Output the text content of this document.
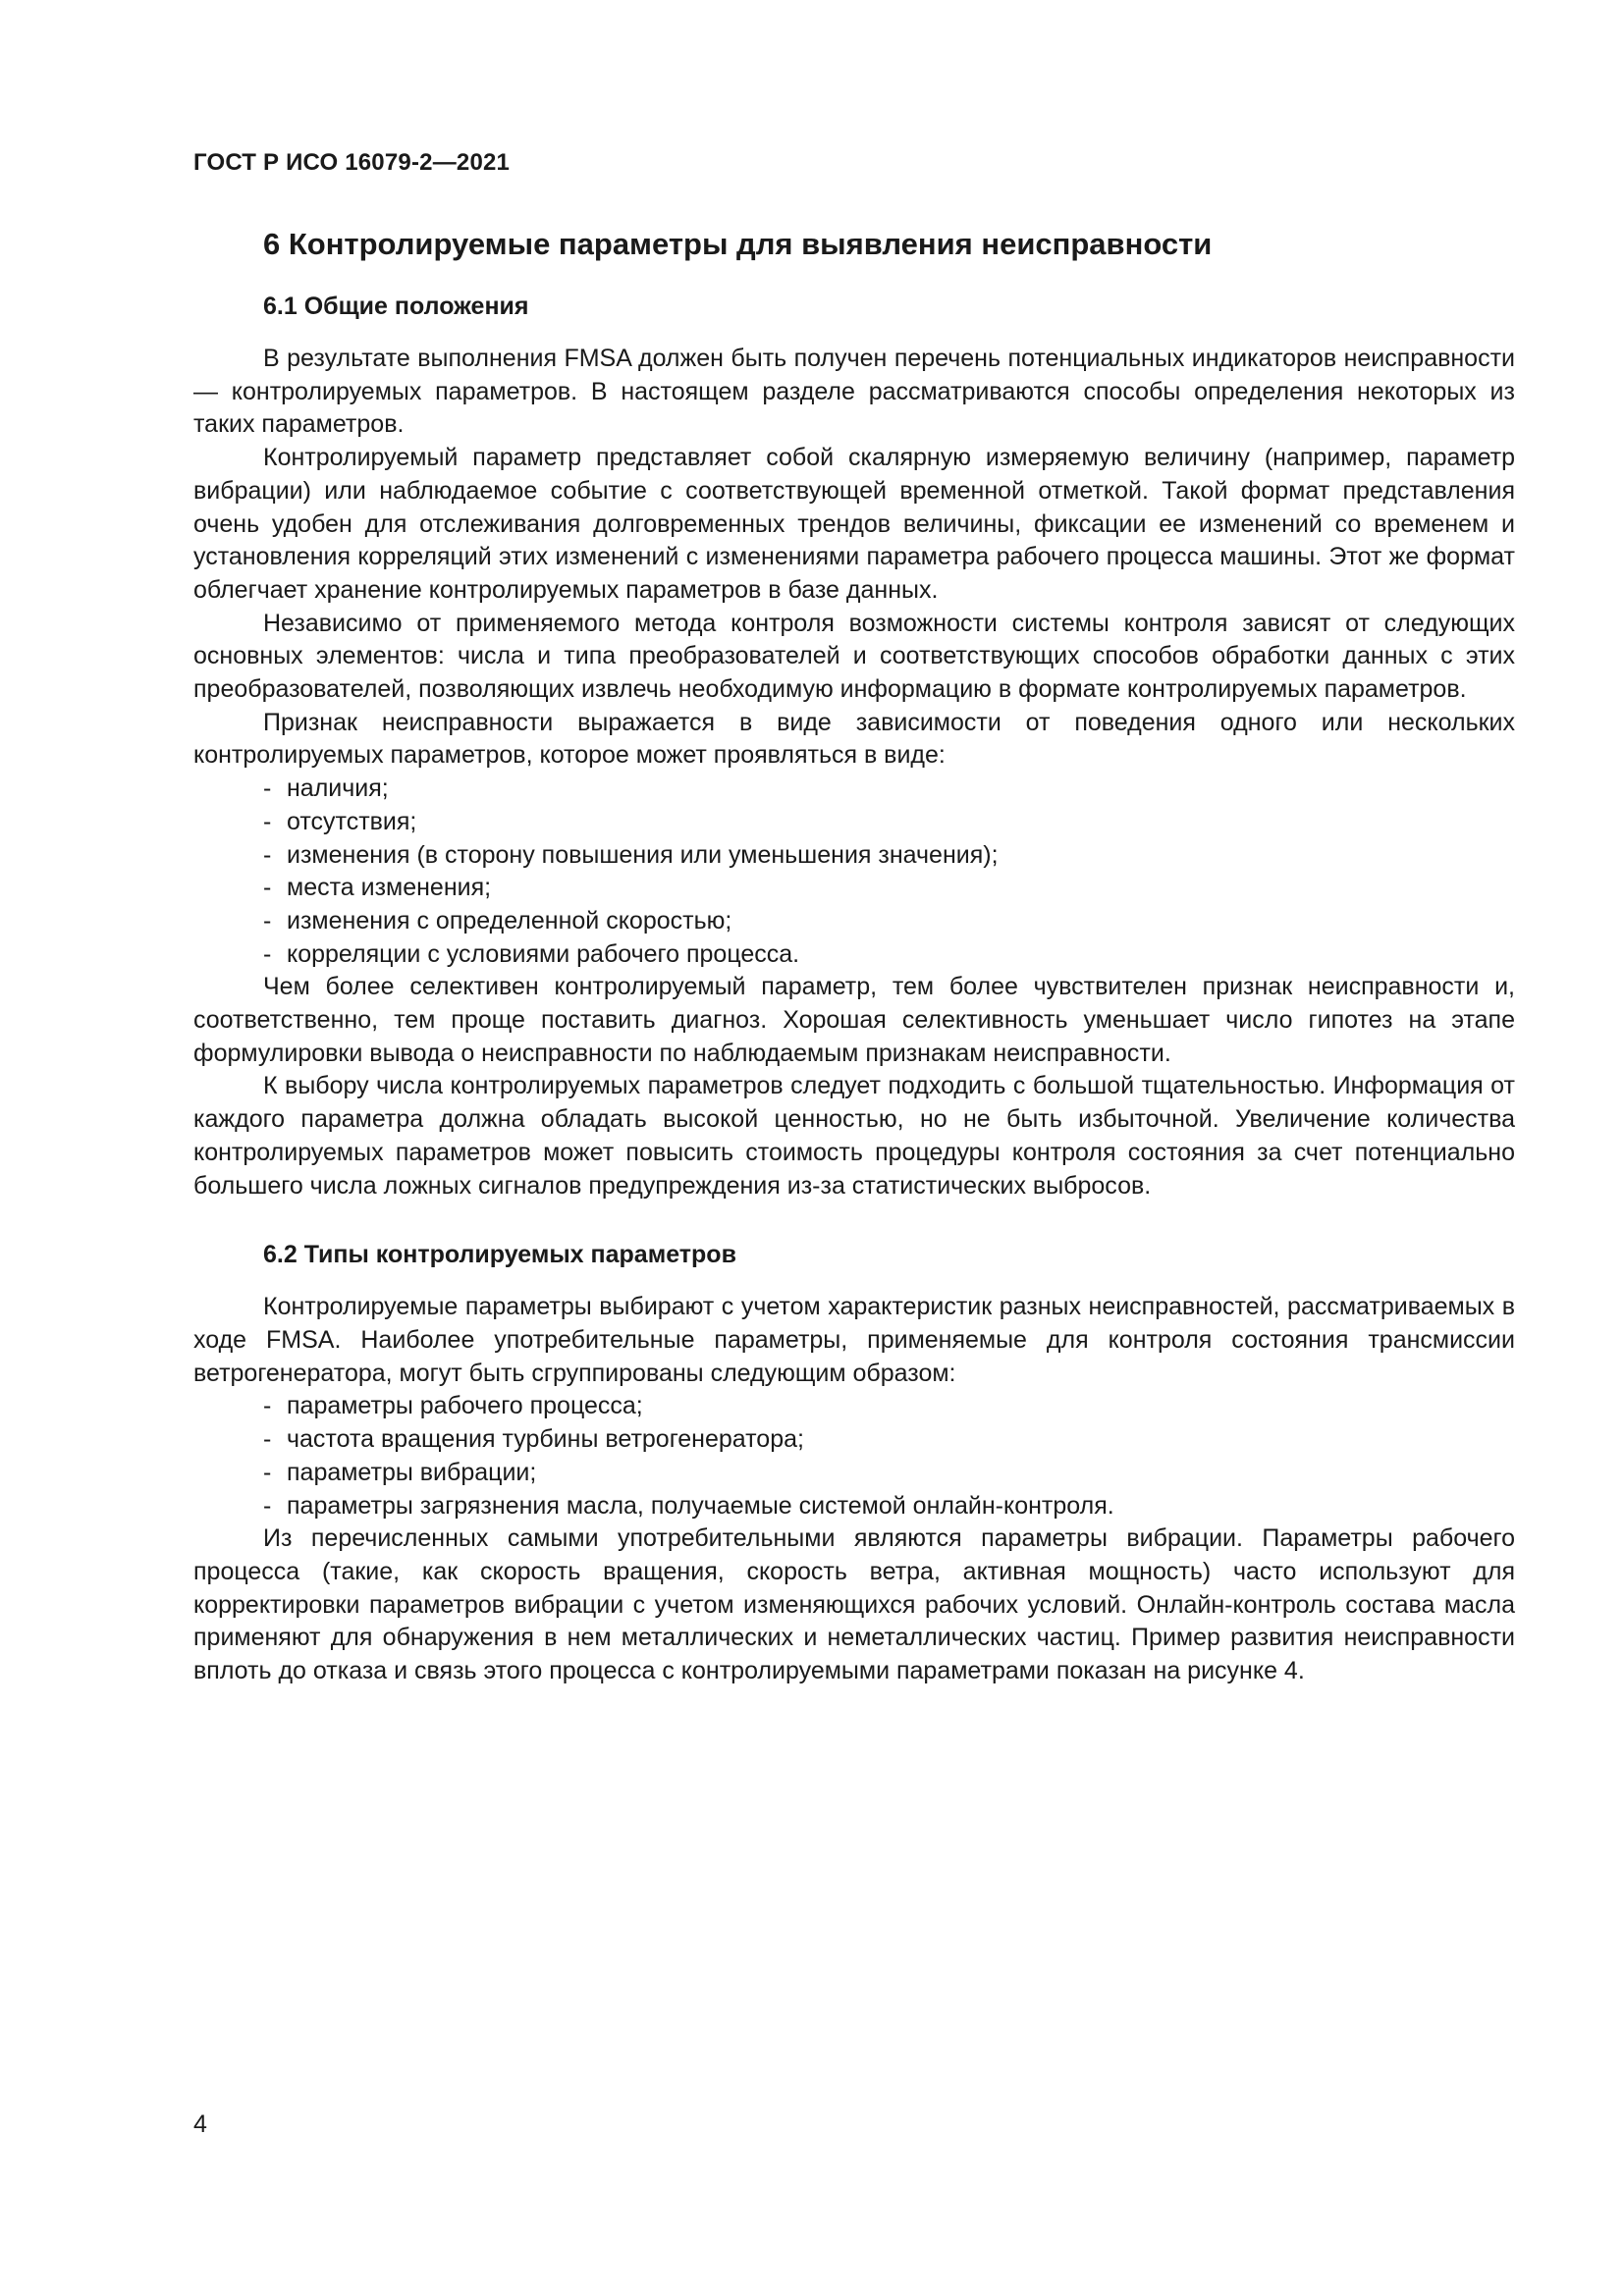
ГОСТ Р ИСО 16079-2—2021
6 Контролируемые параметры для выявления неисправности
6.1 Общие положения

В результате выполнения FMSA должен быть получен перечень потенциальных индикаторов неисправности — контролируемых параметров. В настоящем разделе рассматриваются способы определения некоторых из таких параметров.

Контролируемый параметр представляет собой скалярную измеряемую величину (например, параметр вибрации) или наблюдаемое событие с соответствующей временной отметкой. Такой формат представления очень удобен для отслеживания долговременных трендов величины, фиксации ее изменений со временем и установления корреляций этих изменений с изменениями параметра рабочего процесса машины. Этот же формат облегчает хранение контролируемых параметров в базе данных.

Независимо от применяемого метода контроля возможности системы контроля зависят от следующих основных элементов: числа и типа преобразователей и соответствующих способов обработки данных с этих преобразователей, позволяющих извлечь необходимую информацию в формате контролируемых параметров.

Признак неисправности выражается в виде зависимости от поведения одного или нескольких контролируемых параметров, которое может проявляться в виде:

- наличия;
- отсутствия;
- изменения (в сторону повышения или уменьшения значения);
- места изменения;
- изменения с определенной скоростью;
- корреляции с условиями рабочего процесса.

Чем более селективен контролируемый параметр, тем более чувствителен признак неисправности и, соответственно, тем проще поставить диагноз. Хорошая селективность уменьшает число гипотез на этапе формулировки вывода о неисправности по наблюдаемым признакам неисправности.

К выбору числа контролируемых параметров следует подходить с большой тщательностью. Информация от каждого параметра должна обладать высокой ценностью, но не быть избыточной. Увеличение количества контролируемых параметров может повысить стоимость процедуры контроля состояния за счет потенциально большего числа ложных сигналов предупреждения из-за статистических выбросов.

6.2 Типы контролируемых параметров

Контролируемые параметры выбирают с учетом характеристик разных неисправностей, рассматриваемых в ходе FMSA. Наиболее употребительные параметры, применяемые для контроля состояния трансмиссии ветрогенератора, могут быть сгруппированы следующим образом:

- параметры рабочего процесса;
- частота вращения турбины ветрогенератора;
- параметры вибрации;
- параметры загрязнения масла, получаемые системой онлайн-контроля.

Из перечисленных самыми употребительными являются параметры вибрации. Параметры рабочего процесса (такие, как скорость вращения, скорость ветра, активная мощность) часто используют для корректировки параметров вибрации с учетом изменяющихся рабочих условий. Онлайн-контроль состава масла применяют для обнаружения в нем металлических и неметаллических частиц. Пример развития неисправности вплоть до отказа и связь этого процесса с контролируемыми параметрами показан на рисунке 4.

4
